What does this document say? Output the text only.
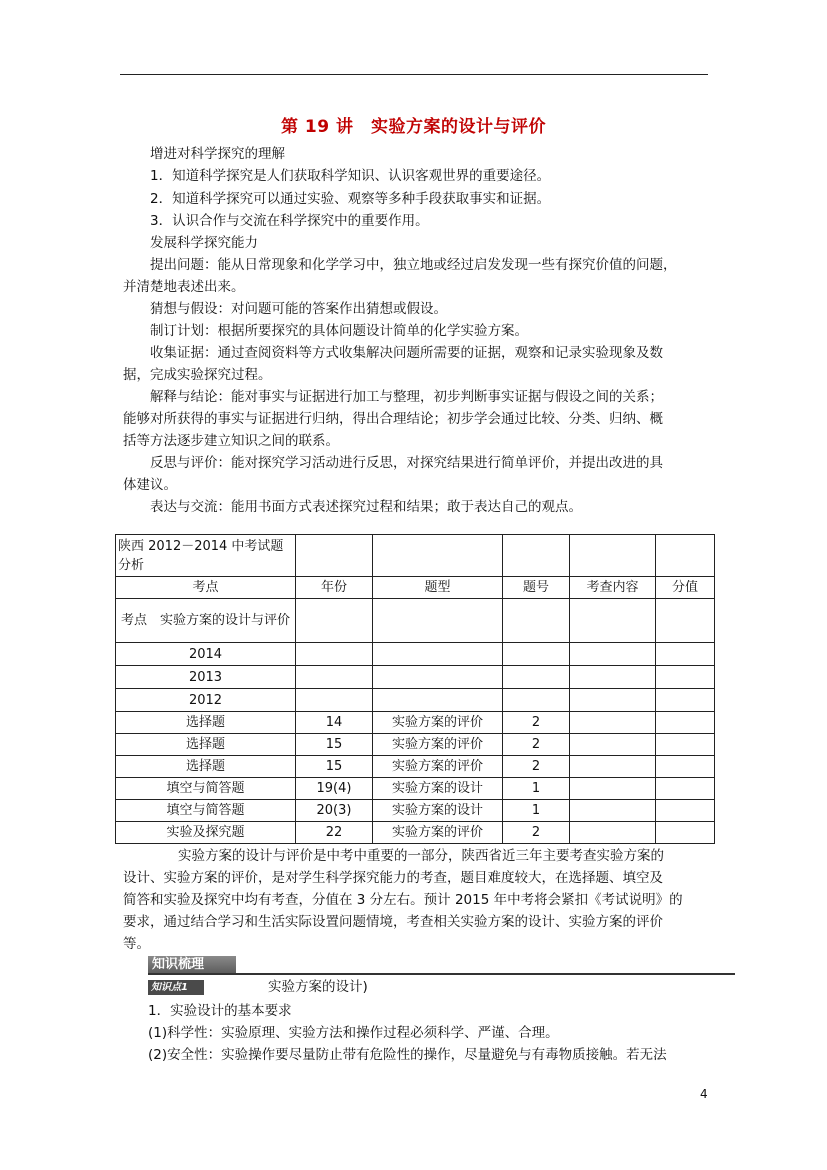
第 19 讲　实验方案的设计与评价
增进对科学探究的理解
1．知道科学探究是人们获取科学知识、认识客观世界的重要途径。
2．知道科学探究可以通过实验、观察等多种手段获取事实和证据。
3．认识合作与交流在科学探究中的重要作用。
发展科学探究能力
提出问题：能从日常现象和化学学习中，独立地或经过启发发现一些有探究价值的问题，
并清楚地表述出来。
猜想与假设：对问题可能的答案作出猜想或假设。
制订计划：根据所要探究的具体问题设计简单的化学实验方案。
收集证据：通过查阅资料等方式收集解决问题所需要的证据，观察和记录实验现象及数
据，完成实验探究过程。
解释与结论：能对事实与证据进行加工与整理，初步判断事实证据与假设之间的关系；
能够对所获得的事实与证据进行归纳，得出合理结论；初步学会通过比较、分类、归纳、概
括等方法逐步建立知识之间的联系。
反思与评价：能对探究学习活动进行反思，对探究结果进行简单评价，并提出改进的具
体建议。
表达与交流：能用书面方式表述探究过程和结果；敢于表达自己的观点。
陕西 2012－2014 中考试题分析					
考点	年份	题型	题号	考查内容	分值
考点　实验方案的设计与评价					
2014					
2013					
2012					
选择题	14	实验方案的评价	2		
选择题	15	实验方案的评价	2		
选择题	15	实验方案的评价	2		
填空与简答题	19(4)	实验方案的设计	1		
填空与简答题	20(3)	实验方案的设计	1		
实验及探究题	22	实验方案的评价	2		
实验方案的设计与评价是中考中重要的一部分，陕西省近三年主要考查实验方案的
设计、实验方案的评价，是对学生科学探究能力的考查，题目难度较大，在选择题、填空及
简答和实验及探究中均有考查，分值在 3 分左右。预计 2015 年中考将会紧扣《考试说明》的
要求，通过结合学习和生活实际设置问题情境，考查相关实验方案的设计、实验方案的评价
等。
知识梳理
知识点1	实验方案的设计)
1．实验设计的基本要求
(1)科学性：实验原理、实验方法和操作过程必须科学、严谨、合理。
(2)安全性：实验操作要尽量防止带有危险性的操作，尽量避免与有毒物质接触。若无法
4
